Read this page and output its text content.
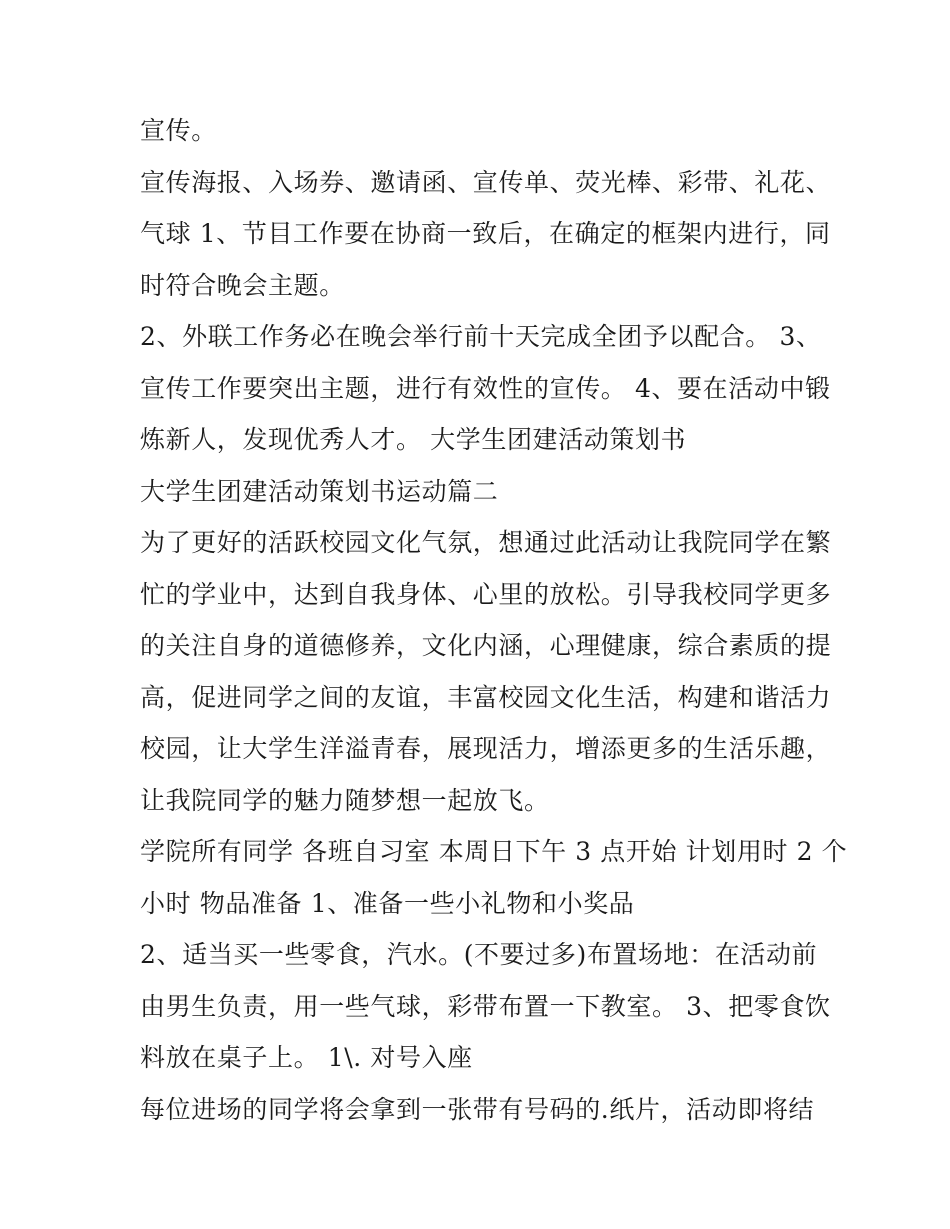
宣传。
宣传海报、入场券、邀请函、宣传单、荧光棒、彩带、礼花、
气球 1、节目工作要在协商一致后，在确定的框架内进行，同
时符合晚会主题。
2、外联工作务必在晚会举行前十天完成全团予以配合。 3、
宣传工作要突出主题，进行有效性的宣传。 4、要在活动中锻
炼新人，发现优秀人才。 大学生团建活动策划书
大学生团建活动策划书运动篇二
为了更好的活跃校园文化气氛，想通过此活动让我院同学在繁
忙的学业中，达到自我身体、心里的放松。引导我校同学更多
的关注自身的道德修养，文化内涵，心理健康，综合素质的提
高，促进同学之间的友谊，丰富校园文化生活，构建和谐活力
校园，让大学生洋溢青春，展现活力，增添更多的生活乐趣，
让我院同学的魅力随梦想一起放飞。
学院所有同学 各班自习室 本周日下午 3 点开始 计划用时 2 个
小时 物品准备 1、准备一些小礼物和小奖品
2、适当买一些零食，汽水。(不要过多)布置场地：在活动前
由男生负责，用一些气球，彩带布置一下教室。 3、把零食饮
料放在桌子上。 1\. 对号入座
每位进场的同学将会拿到一张带有号码的.纸片，活动即将结
